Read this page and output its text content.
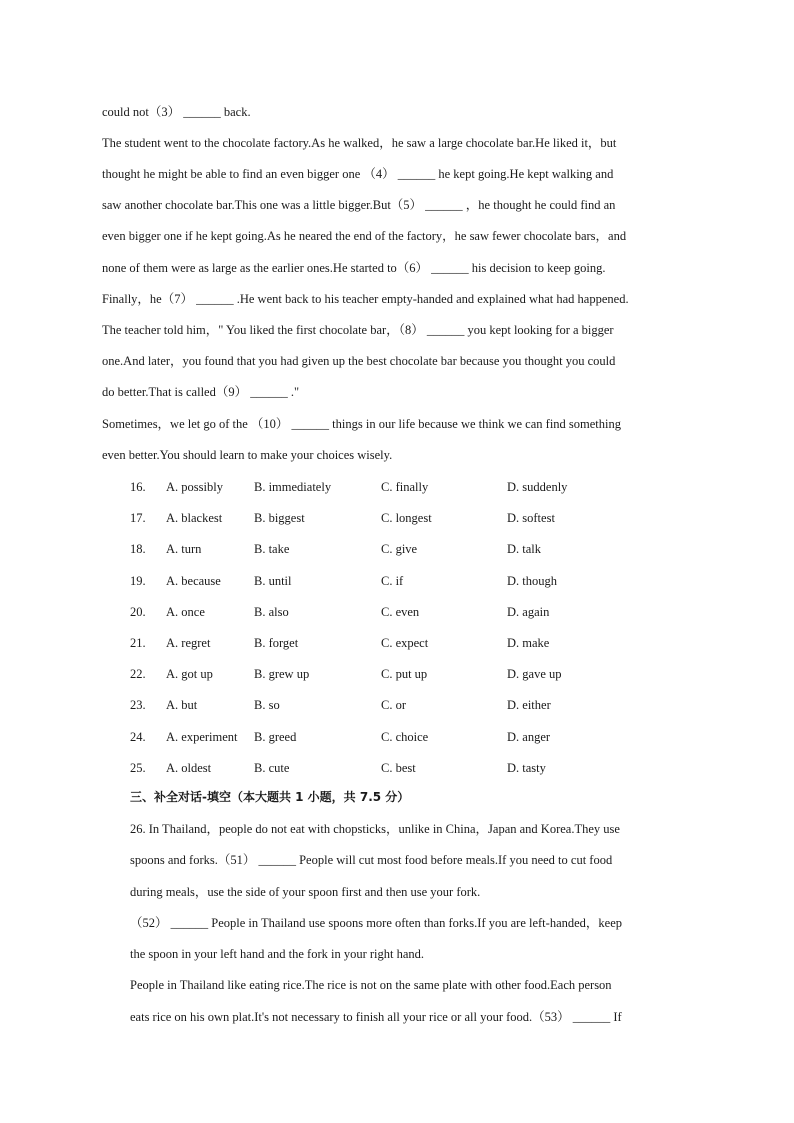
could not（3） ______ back.
The student went to the chocolate factory.As he walked，he saw a large chocolate bar.He liked it，but
thought he might be able to find an even bigger one （4） ______ he kept going.He kept walking and
saw another chocolate bar.This one was a little bigger.But（5） ______ ，he thought he could find an
even bigger one if he kept going.As he neared the end of the factory，he saw fewer chocolate bars，and
none of them were as large as the earlier ones.He started to（6） ______ his decision to keep going.
Finally，he（7） ______ .He went back to his teacher empty-handed and explained what had happened.
The teacher told him，" You liked the first chocolate bar，（8） ______ you kept looking for a bigger
one.And later，you found that you had given up the best chocolate bar because you thought you could
do better.That is called（9） ______ ."
Sometimes，we let go of the （10） ______ things in our life because we think we can find something
even better.You should learn to make your choices wisely.
16. A. possibly B. immediately	C. finally	D. suddenly
17. A. blackest	B. biggest	C. longest	D. softest
18. A. turn	B. take	C. give	D. talk
19. A. because	B. until	C. if	D. though
20. A. once	B. also	C. even	D. again
21. A. regret	B. forget	C. expect	D. make
22. A. got up	B. grew up	C. put up	D. gave up
23. A. but	B. so	C. or	D. either
24. A. experiment B. greed	C. choice	D. anger
25. A. oldest	B. cute	C. best	D. tasty
三、补全对话-填空（本大题共 1 小题，共 7.5 分）
26. In Thailand，people do not eat with chopsticks，unlike in China，Japan and Korea.They use
spoons and forks.（51） ______ People will cut most food before meals.If you need to cut food
during meals，use the side of your spoon first and then use your fork.
（52） ______ People in Thailand use spoons more often than forks.If you are left-handed，keep
the spoon in your left hand and the fork in your right hand.
People in Thailand like eating rice.The rice is not on the same plate with other food.Each person
eats rice on his own plat.It's not necessary to finish all your rice or all your food.（53） ______ If
